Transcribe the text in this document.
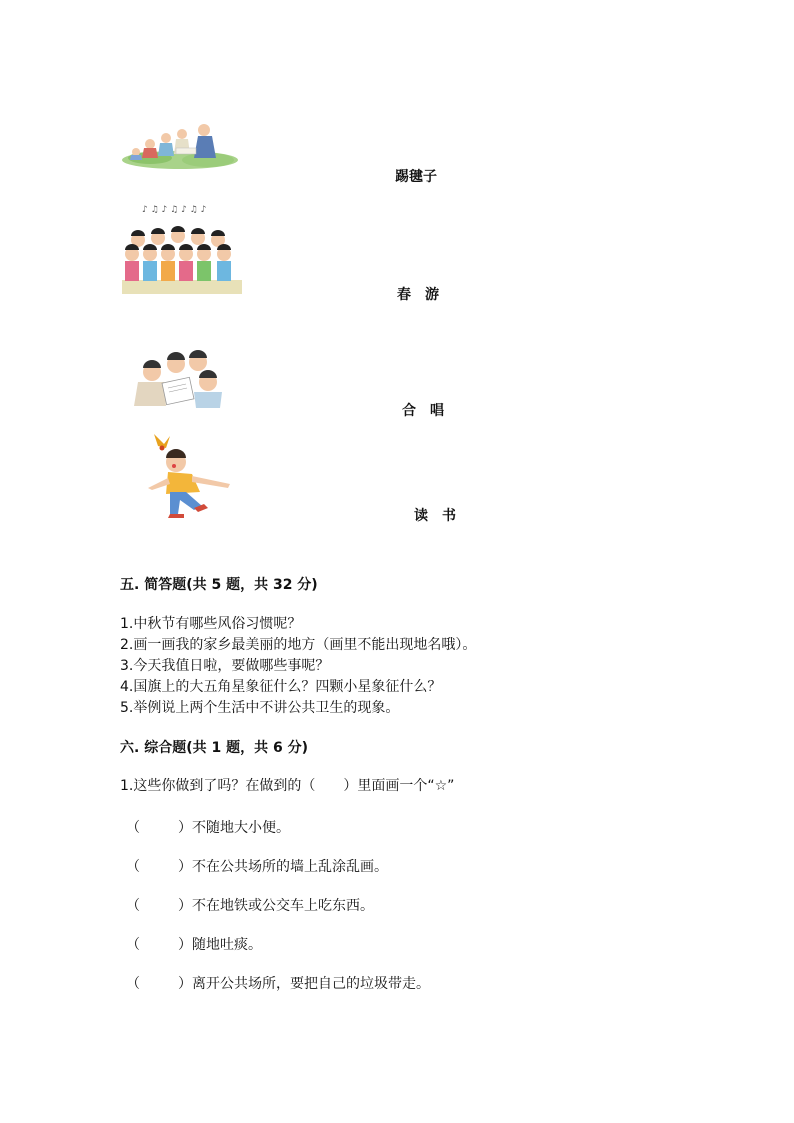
♪ ♫ ♪ ♫ ♪ ♫ ♪
踢毽子
春　游
合　唱
读　书
五. 简答题(共 5 题，共 32 分)
1.中秋节有哪些风俗习惯呢？
2.画一画我的家乡最美丽的地方（画里不能出现地名哦）。
3.今天我值日啦，要做哪些事呢？
4.国旗上的大五角星象征什么？四颗小星象征什么？
5.举例说上两个生活中不讲公共卫生的现象。
六. 综合题(共 1 题，共 6 分)
1.这些你做到了吗？在做到的（　　）里面画一个“☆”
（	）不随地大小便。
（	）不在公共场所的墙上乱涂乱画。
（	）不在地铁或公交车上吃东西。
（	）随地吐痰。
（	）离开公共场所，要把自己的垃圾带走。
